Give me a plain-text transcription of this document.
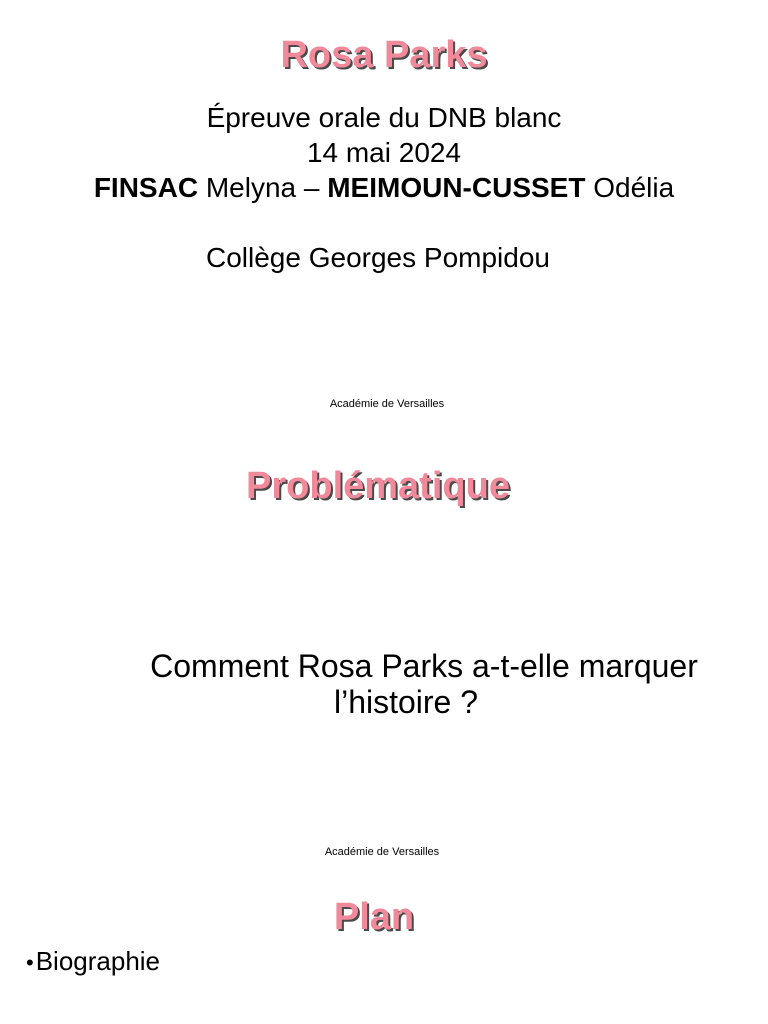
Rosa Parks
Épreuve orale du DNB blanc
14 mai 2024
FINSAC Melyna – MEIMOUN-CUSSET Odélia
Collège Georges Pompidou
Académie de Versailles
Problématique
Comment Rosa Parks a-t-elle marquer
l’histoire ?
Académie de Versailles
Plan
• Biographie
